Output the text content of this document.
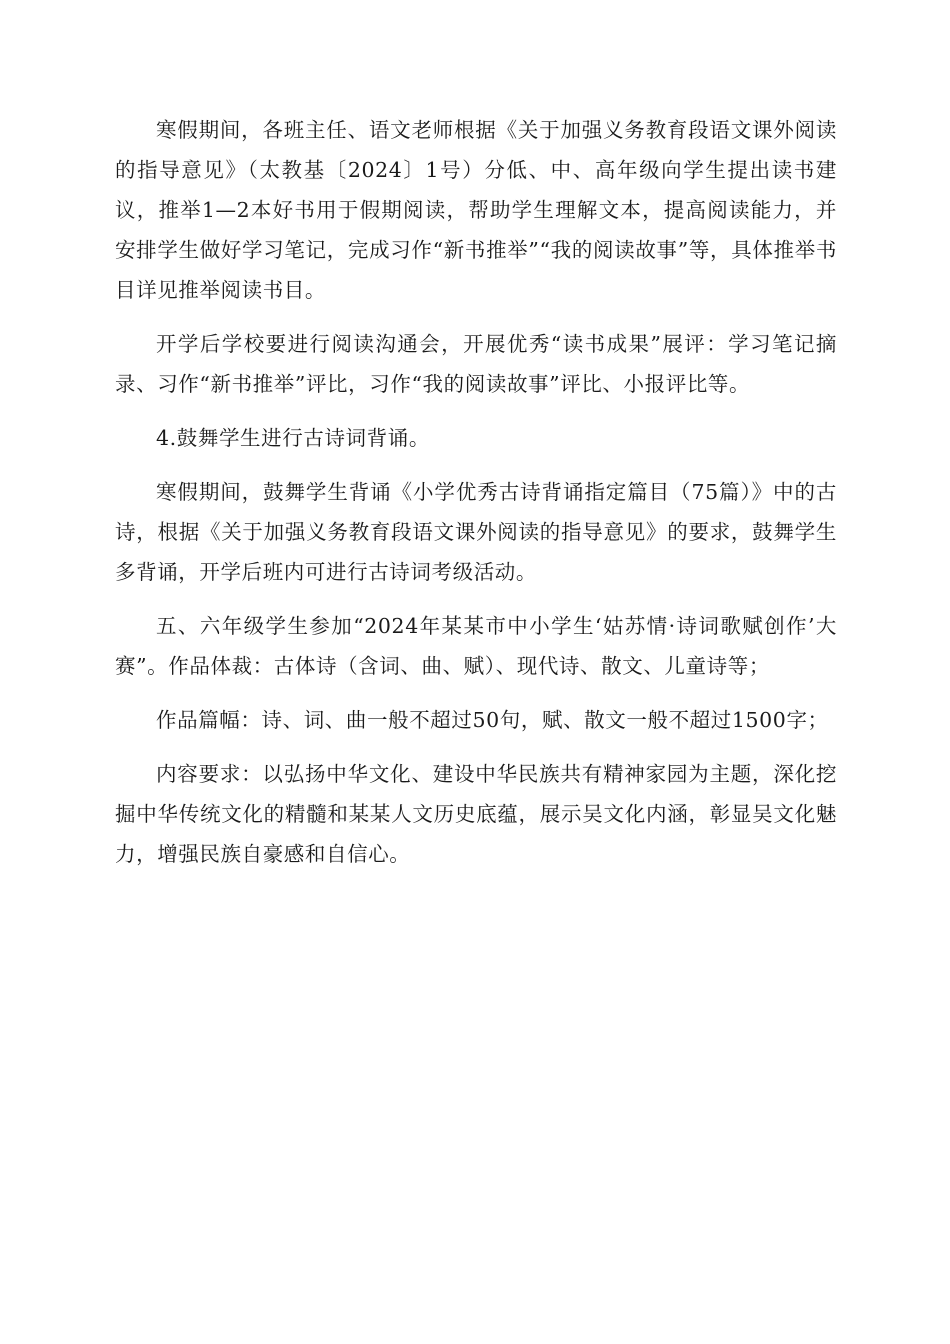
寒假期间，各班主任、语文老师根据《关于加强义务教育段语文课外阅读的指导意见》（太教基〔2024〕1号）分低、中、高年级向学生提出读书建议，推举1—2本好书用于假期阅读，帮助学生理解文本，提高阅读能力，并安排学生做好学习笔记，完成习作“新书推举”“我的阅读故事”等，具体推举书目详见推举阅读书目。

开学后学校要进行阅读沟通会，开展优秀“读书成果”展评：学习笔记摘录、习作“新书推举”评比，习作“我的阅读故事”评比、小报评比等。

4.鼓舞学生进行古诗词背诵。

寒假期间，鼓舞学生背诵《小学优秀古诗背诵指定篇目（75篇）》中的古诗，根据《关于加强义务教育段语文课外阅读的指导意见》的要求，鼓舞学生多背诵，开学后班内可进行古诗词考级活动。

五、六年级学生参加“2024年某某市中小学生‘姑苏情·诗词歌赋创作’大赛”。作品体裁：古体诗（含词、曲、赋）、现代诗、散文、儿童诗等；

作品篇幅：诗、词、曲一般不超过50句，赋、散文一般不超过1500字；

内容要求：以弘扬中华文化、建设中华民族共有精神家园为主题，深化挖掘中华传统文化的精髓和某某人文历史底蕴，展示吴文化内涵，彰显吴文化魅力，增强民族自豪感和自信心。
